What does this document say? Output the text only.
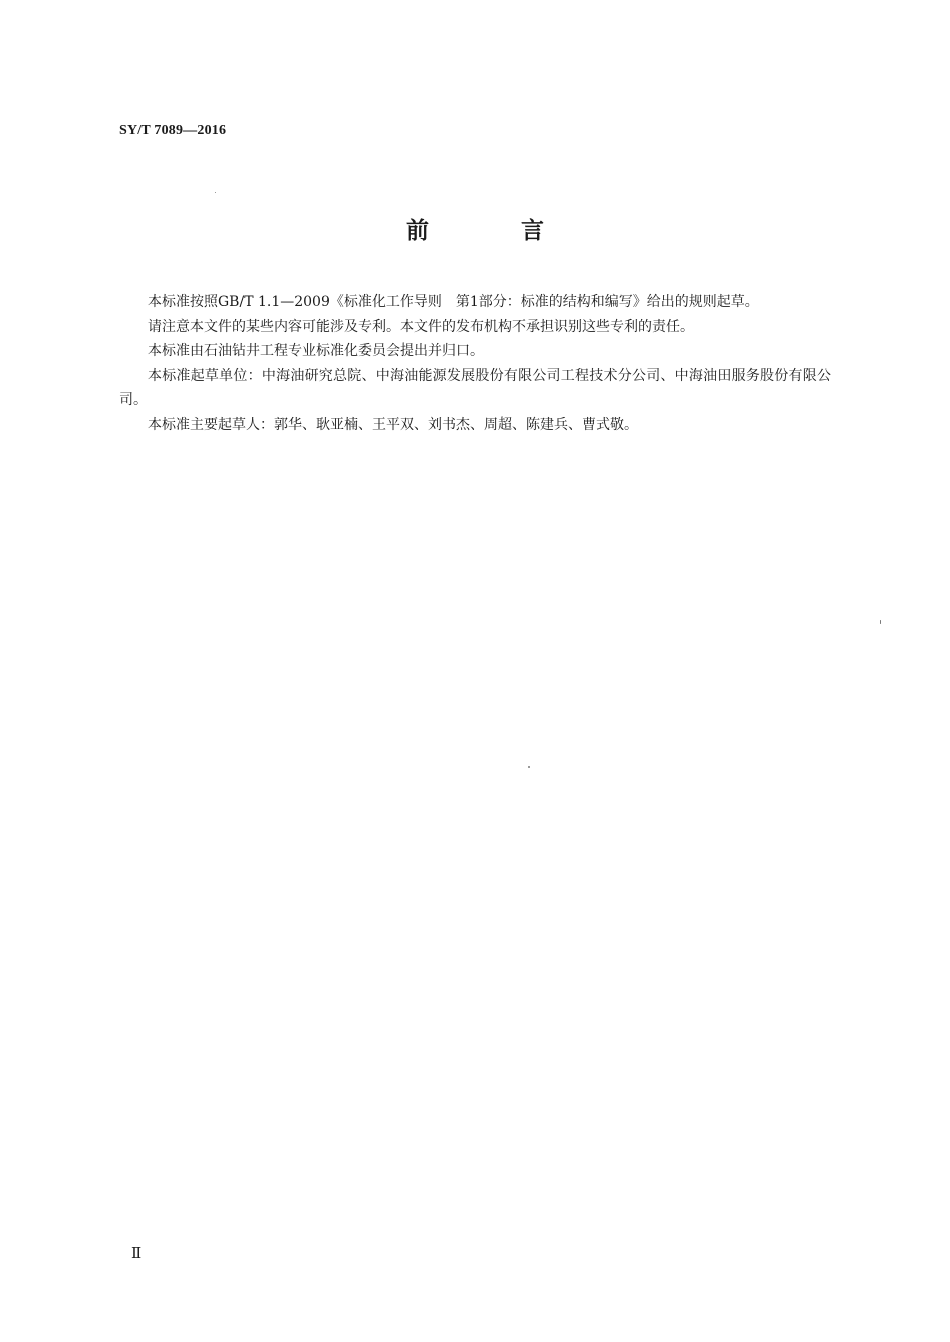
SY/T 7089—2016
前 言

本标准按照GB/T 1.1—2009《标准化工作导则　第1部分：标准的结构和编写》给出的规则起草。

请注意本文件的某些内容可能涉及专利。本文件的发布机构不承担识别这些专利的责任。

本标准由石油钻井工程专业标准化委员会提出并归口。

本标准起草单位：中海油研究总院、中海油能源发展股份有限公司工程技术分公司、中海油田服务股份有限公司。

本标准主要起草人：郭华、耿亚楠、王平双、刘书杰、周超、陈建兵、曹式敬。

Ⅱ
